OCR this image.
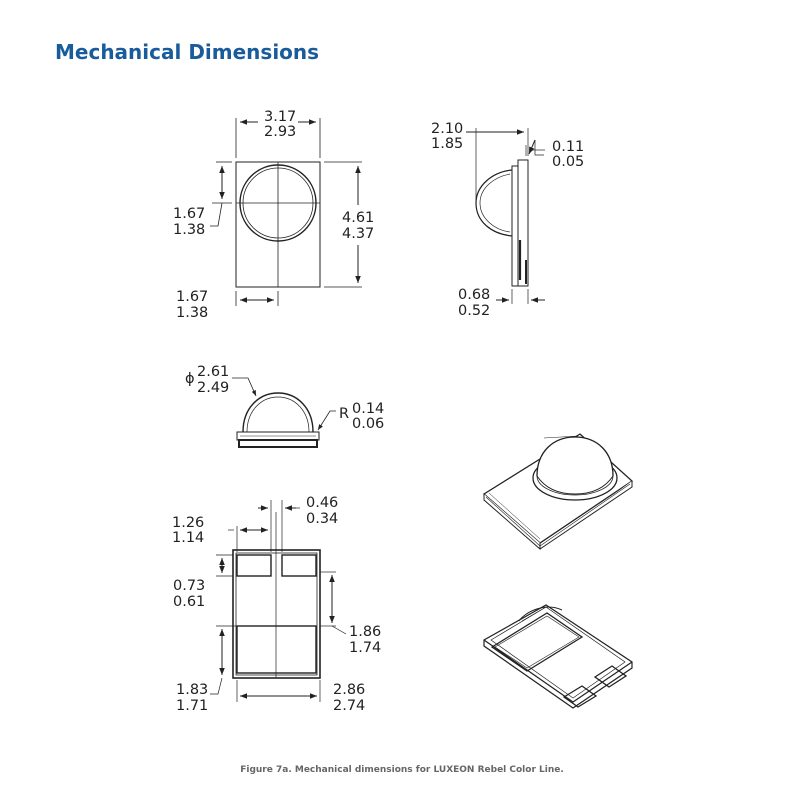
Mechanical Dimensions
3.17
2.93
4.61
4.37
1.67
1.38
1.67
1.38
2.10
1.85	0.11
0.05
0.68
0.52
ϕ 2.61
2.49
R 0.14
0.06
0.46
0.34
1.26
1.14
0.73
0.61
1.86
1.74
1.83
1.71
2.86
2.74
Figure 7a. Mechanical dimensions for LUXEON Rebel Color Line.
